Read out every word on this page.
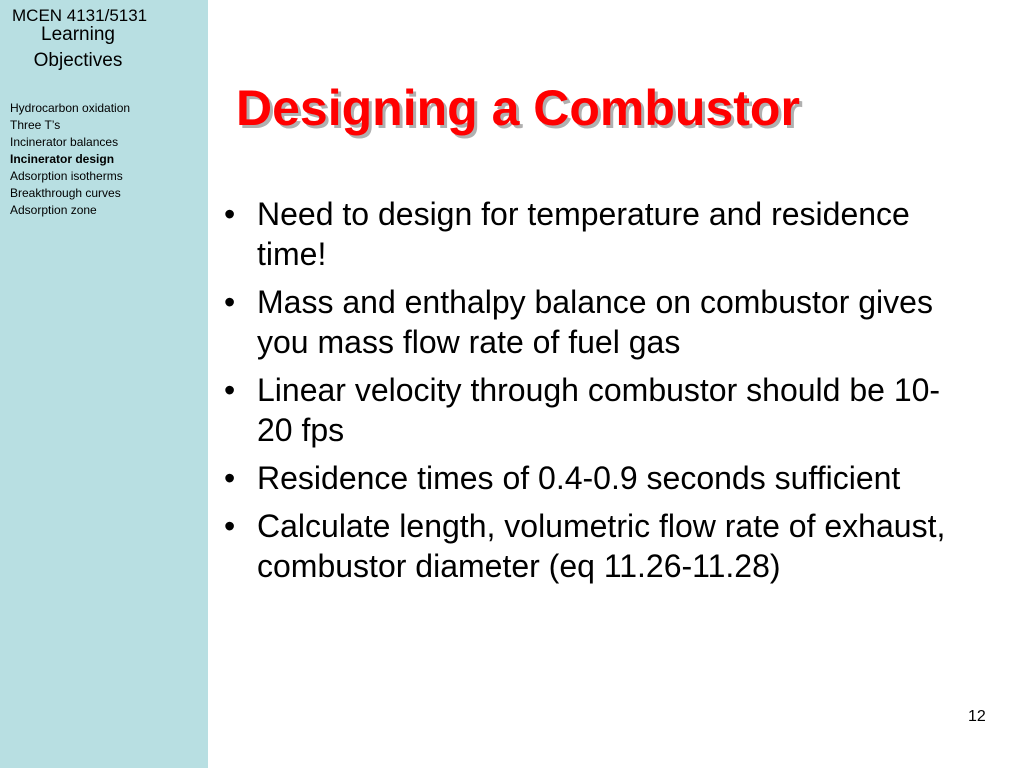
MCEN 4131/5131
Learning
Objectives
Hydrocarbon oxidation
Three T’s
Incinerator balances
Incinerator design
Adsorption isotherms
Breakthrough curves
Adsorption zone
Designing a Combustor
• Need to design for temperature and residence time!
• Mass and enthalpy balance on combustor gives you mass flow rate of fuel gas
• Linear velocity through combustor should be 10-20 fps
• Residence times of 0.4-0.9 seconds sufficient
• Calculate length, volumetric flow rate of exhaust, combustor diameter (eq 11.26-11.28)
12
